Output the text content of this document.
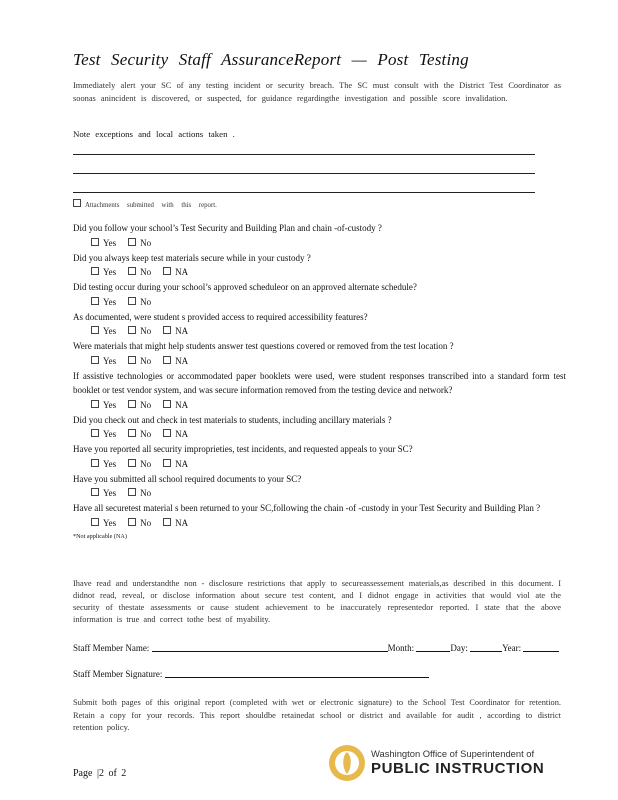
Test Security Staff AssuranceReport — Post Testing
Immediately alert your SC of any testing incident or security breach. The SC must consult with the District Test Coordinator as soonas anincident is discovered, or suspected, for guidance regardingthe investigation and possible score invalidation.
Note exceptions and local actions taken .
Attachments submitted with this report.
Did you follow your school’s Test Security and Building Plan and chain -of-custody ?
Yes	No
Did you always keep test materials secure while in your custody ?
Yes	No	NA
Did testing occur during your school’s approved scheduleor on an approved alternate schedule?
Yes	No
As documented, were student s provided access to required accessibility features?
Yes	No	NA
Were materials that might help students answer test questions covered or removed from the test location ?
Yes	No	NA
If assistive technologies or accommodated paper booklets were used, were student responses transcribed into a standard form test booklet or test vendor system, and was secure information removed from the testing device and network?
Yes	No	NA
Did you check out and check in test materials to students, including ancillary materials ?
Yes	No	NA
Have you reported all security improprieties, test incidents, and requested appeals to your SC?
Yes	No	NA
Have you submitted all school required documents to your SC?
Yes	No
Have all securetest material s been returned to your SC,following the chain -of -custody in your Test Security and Building Plan ?
Yes	No	NA
*Not applicable (NA)
Ihave read and understandthe non - disclosure restrictions that apply to secureassessement materials,as described in this document. I didnot read, reveal, or disclose information about secure test content, and I didnot engage in activities that would viol ate the security of thestate assessments or cause student achievement to be inaccurately representedor reported. I state that the above information is true and correct tothe best of myability.
Staff Member Name:	Month:	Day:	Year:
Staff Member Signature:
Submit both pages of this original report (completed with wet or electronic signature) to the School Test Coordinator for retention. Retain a copy for your records. This report shouldbe retainedat school or district and available for audit , according to district retention policy.
Page |2 of 2
Washington Office of Superintendent of
PUBLIC INSTRUCTION
